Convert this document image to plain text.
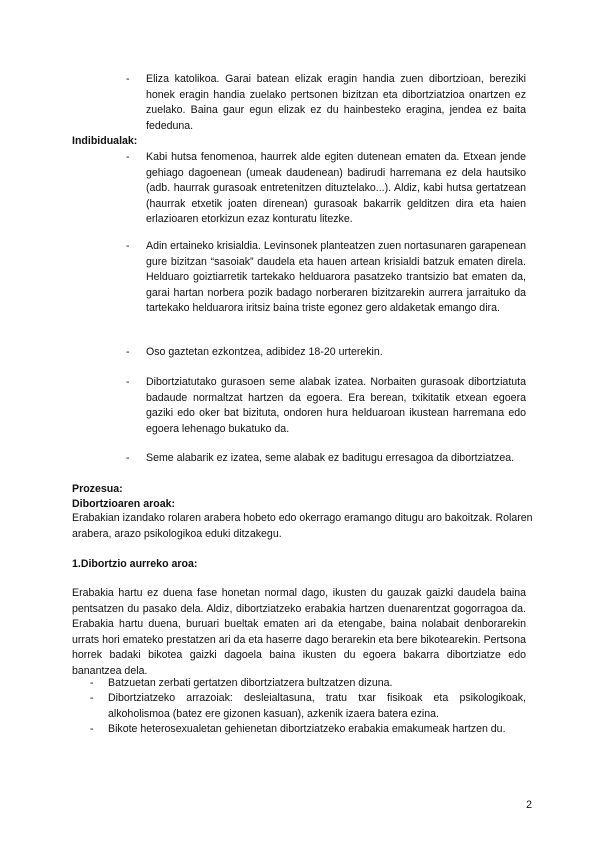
-	Eliza katolikoa. Garai batean elizak eragin handia zuen dibortzioan, bereziki honek eragin handia zuelako pertsonen bizitzan eta dibortziatzioa onartzen ez zuelako. Baina gaur egun elizak ez du hainbesteko eragina, jendea ez baita fededuna.
Indibidualak:
-	Kabi hutsa fenomenoa, haurrek alde egiten dutenean ematen da. Etxean jende gehiago dagoenean (umeak daudenean) badirudi harremana ez dela hautsiko (adb. haurrak gurasoak entretenitzen dituztelako...). Aldiz, kabi hutsa gertatzean (haurrak etxetik joaten direnean) gurasoak bakarrik gelditzen dira eta haien erlazioaren etorkizun ezaz konturatu litezke.
-	Adin ertaineko krisialdia. Levinsonek planteatzen zuen nortasunaren garapenean gure bizitzan “sasoiak” daudela eta hauen artean krisialdi batzuk ematen direla. Helduaro goiztiarretik tartekako helduarora pasatzeko trantsizio bat ematen da, garai hartan norbera pozik badago norberaren bizitzarekin aurrera jarraituko da tartekako helduarora iritsiz baina triste egonez gero aldaketak emango dira.
-	Oso gaztetan ezkontzea, adibidez 18-20 urterekin.
-	Dibortziatutako gurasoen seme alabak izatea. Norbaiten gurasoak dibortziatuta badaude normaltzat hartzen da egoera. Era berean, txikitatik etxean egoera gaziki edo oker bat bizituta, ondoren hura helduaroan ikustean harremana edo egoera lehenago bukatuko da.
-	Seme alabarik ez izatea, seme alabak ez baditugu erresagoa da dibortziatzea.
Prozesua:
Dibortzioaren aroak:
Erabakian izandako rolaren arabera hobeto edo okerrago eramango ditugu aro bakoitzak. Rolaren arabera, arazo psikologikoa eduki ditzakegu.
1.Dibortzio aurreko aroa:
Erabakia hartu ez duena fase honetan normal dago, ikusten du gauzak gaizki daudela baina pentsatzen du pasako dela. Aldiz, dibortziatzeko erabakia hartzen duenarentzat gogorragoa da. Erabakia hartu duena, buruari bueltak ematen ari da etengabe, baina nolabait denborarekin urrats hori emateko prestatzen ari da eta haserre dago berarekin eta bere bikotearekin. Pertsona horrek badaki bikotea gaizki dagoela baina ikusten du egoera bakarra dibortziatze edo banantzea dela.
-	Batzuetan zerbati gertatzen dibortziatzera bultzatzen dizuna.
-	Dibortziatzeko arrazoiak: desleialtasuna, tratu txar fisikoak eta psikologikoak, alkoholismoa (batez ere gizonen kasuan), azkenik izaera batera ezina.
-	Bikote heterosexualetan gehienetan dibortziatzeko erabakia emakumeak hartzen du.
2
